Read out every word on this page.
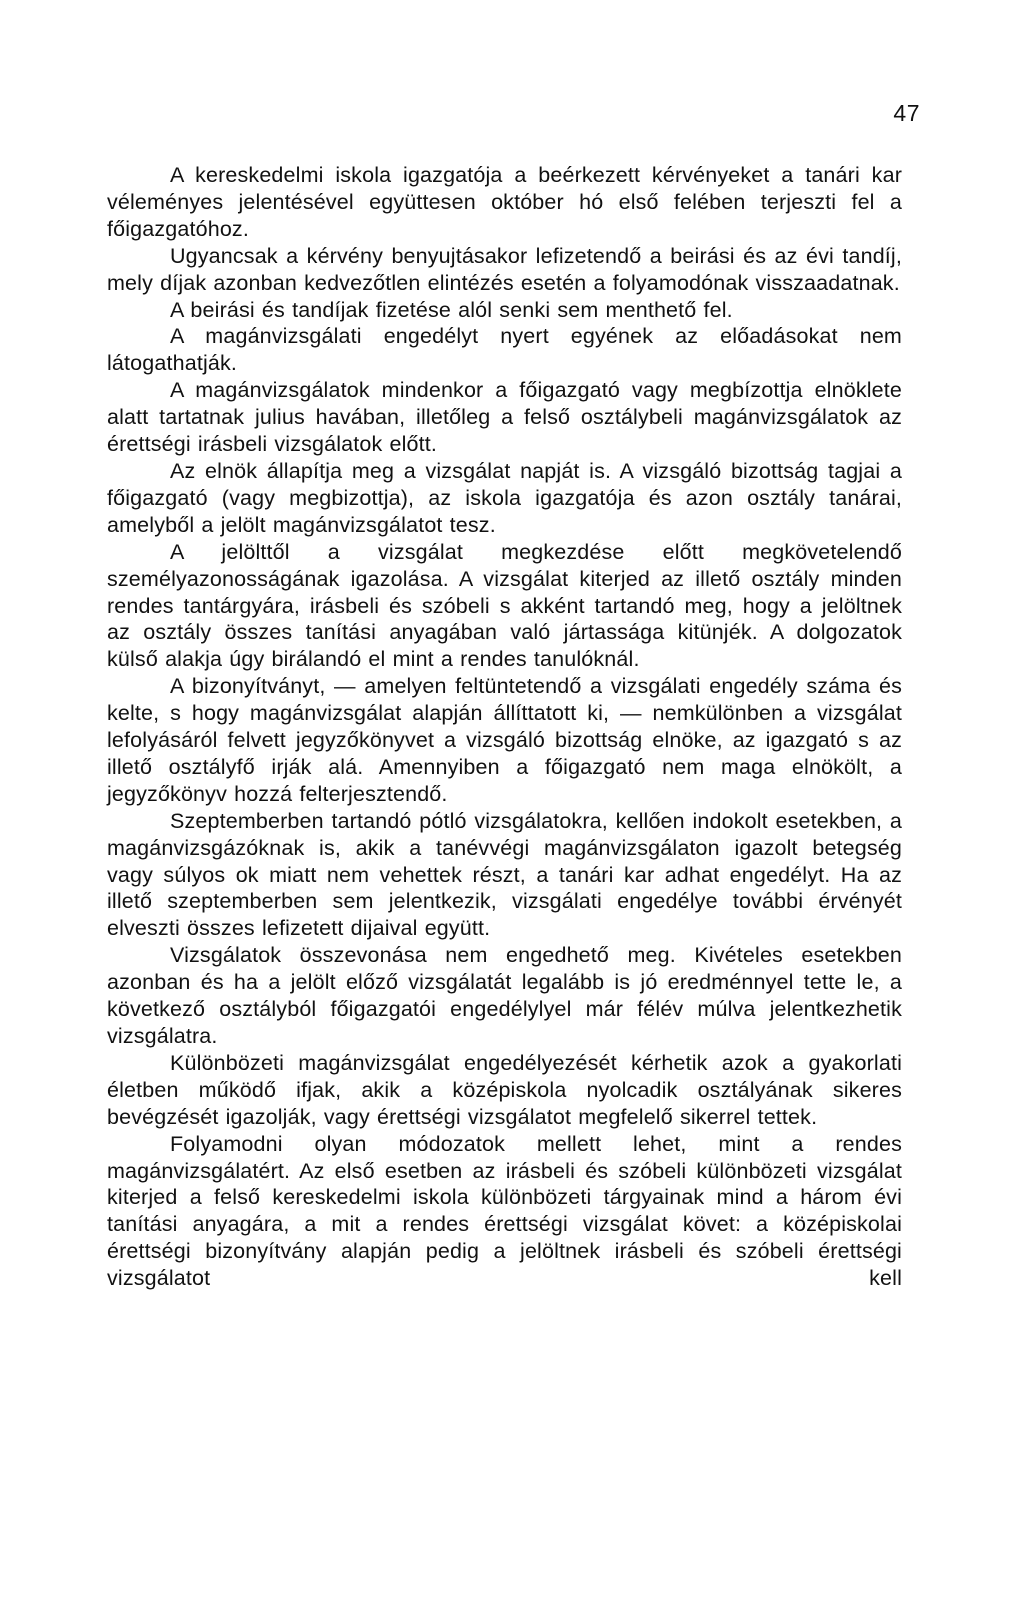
47

A kereskedelmi iskola igazgatója a beérkezett kérvényeket a tanári kar véleményes jelentésével együttesen október hó első felében terjeszti fel a főigazgatóhoz.

Ugyancsak a kérvény benyujtásakor lefizetendő a beirási és az évi tandíj, mely díjak azonban kedvezőtlen elintézés esetén a folyamodónak visszaadatnak.

A beirási és tandíjak fizetése alól senki sem menthető fel.

A magánvizsgálati engedélyt nyert egyének az előadásokat nem látogathatják.

A magánvizsgálatok mindenkor a főigazgató vagy megbízottja elnöklete alatt tartatnak julius havában, illetőleg a felső osztálybeli magánvizsgálatok az érettségi irásbeli vizsgálatok előtt.

Az elnök állapítja meg a vizsgálat napját is. A vizsgáló bizottság tagjai a főigazgató (vagy megbizottja), az iskola igazgatója és azon osztály tanárai, amelyből a jelölt magánvizsgálatot tesz.

A jelölttől a vizsgálat megkezdése előtt megkövetelendő személyazonosságának igazolása. A vizsgálat kiterjed az illető osztály minden rendes tantárgyára, irásbeli és szóbeli s akként tartandó meg, hogy a jelöltnek az osztály összes tanítási anyagában való jártassága kitünjék. A dolgozatok külső alakja úgy birálandó el mint a rendes tanulóknál.

A bizonyítványt, — amelyen feltüntetendő a vizsgálati engedély száma és kelte, s hogy magánvizsgálat alapján állíttatott ki, — nemkülönben a vizsgálat lefolyásáról felvett jegyzőkönyvet a vizsgáló bizottság elnöke, az igazgató s az illető osztályfő irják alá. Amennyiben a főigazgató nem maga elnökölt, a jegyzőkönyv hozzá felterjesztendő.

Szeptemberben tartandó pótló vizsgálatokra, kellően indokolt esetekben, a magánvizsgázóknak is, akik a tanévvégi magánvizsgálaton igazolt betegség vagy súlyos ok miatt nem vehettek részt, a tanári kar adhat engedélyt. Ha az illető szeptemberben sem jelentkezik, vizsgálati engedélye további érvényét elveszti összes lefizetett dijaival együtt.

Vizsgálatok összevonása nem engedhető meg. Kivételes esetekben azonban és ha a jelölt előző vizsgálatát legalább is jó eredménnyel tette le, a következő osztályból főigazgatói engedélylyel már félév múlva jelentkezhetik vizsgálatra.

Különbözeti magánvizsgálat engedélyezését kérhetik azok a gyakorlati életben működő ifjak, akik a középiskola nyolcadik osztályának sikeres bevégzését igazolják, vagy érettségi vizsgálatot megfelelő sikerrel tettek.

Folyamodni olyan módozatok mellett lehet, mint a rendes magánvizsgálatért. Az első esetben az irásbeli és szóbeli különbözeti vizsgálat kiterjed a felső kereskedelmi iskola különbözeti tárgyainak mind a három évi tanítási anyagára, a mit a rendes érettségi vizsgálat követ: a középiskolai érettségi bizonyítvány alapján pedig a jelöltnek irásbeli és szóbeli érettségi vizsgálatot kell
